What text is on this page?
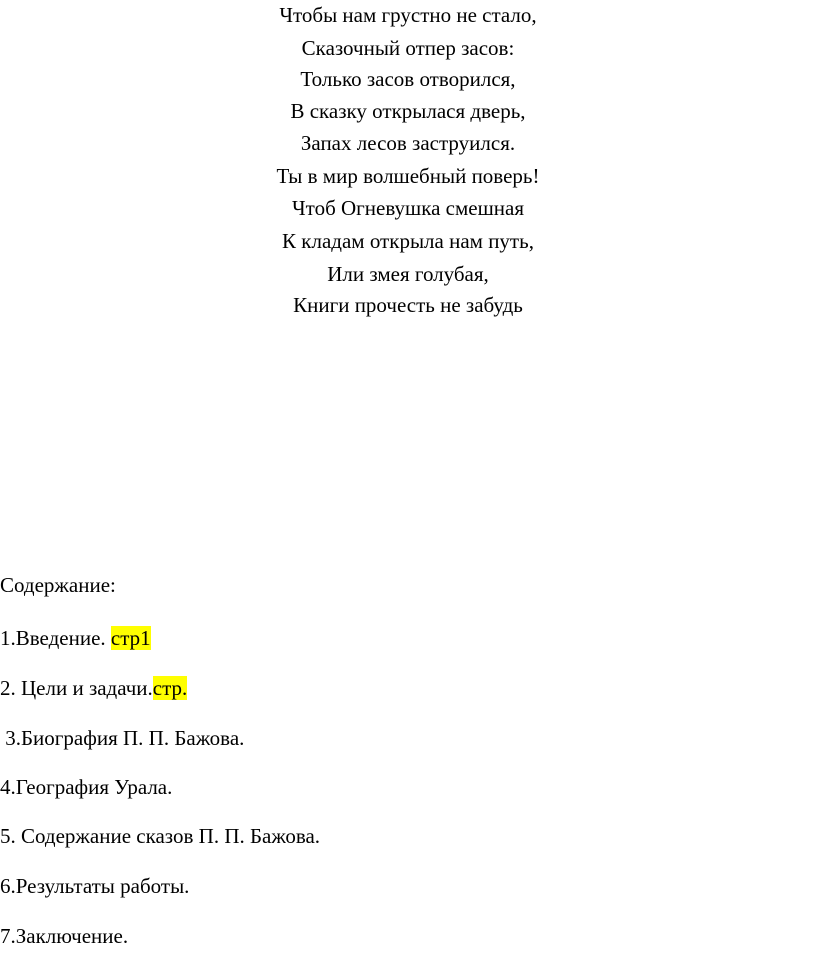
Чтобы нам грустно не стало,
Сказочный отпер засов:
Только засов отворился,
В сказку открылася дверь,
Запах лесов заструился.
Ты в мир волшебный поверь!
Чтоб Огневушка смешная
К кладам открыла нам путь,
Или змея голубая,
Книги прочесть не забудь
Содержание:
1.Введение. стр1
2. Цели и задачи.стр.
3.Биография П. П. Бажова.
4.География Урала.
5. Содержание сказов П. П. Бажова.
6.Результаты работы.
7.Заключение.
